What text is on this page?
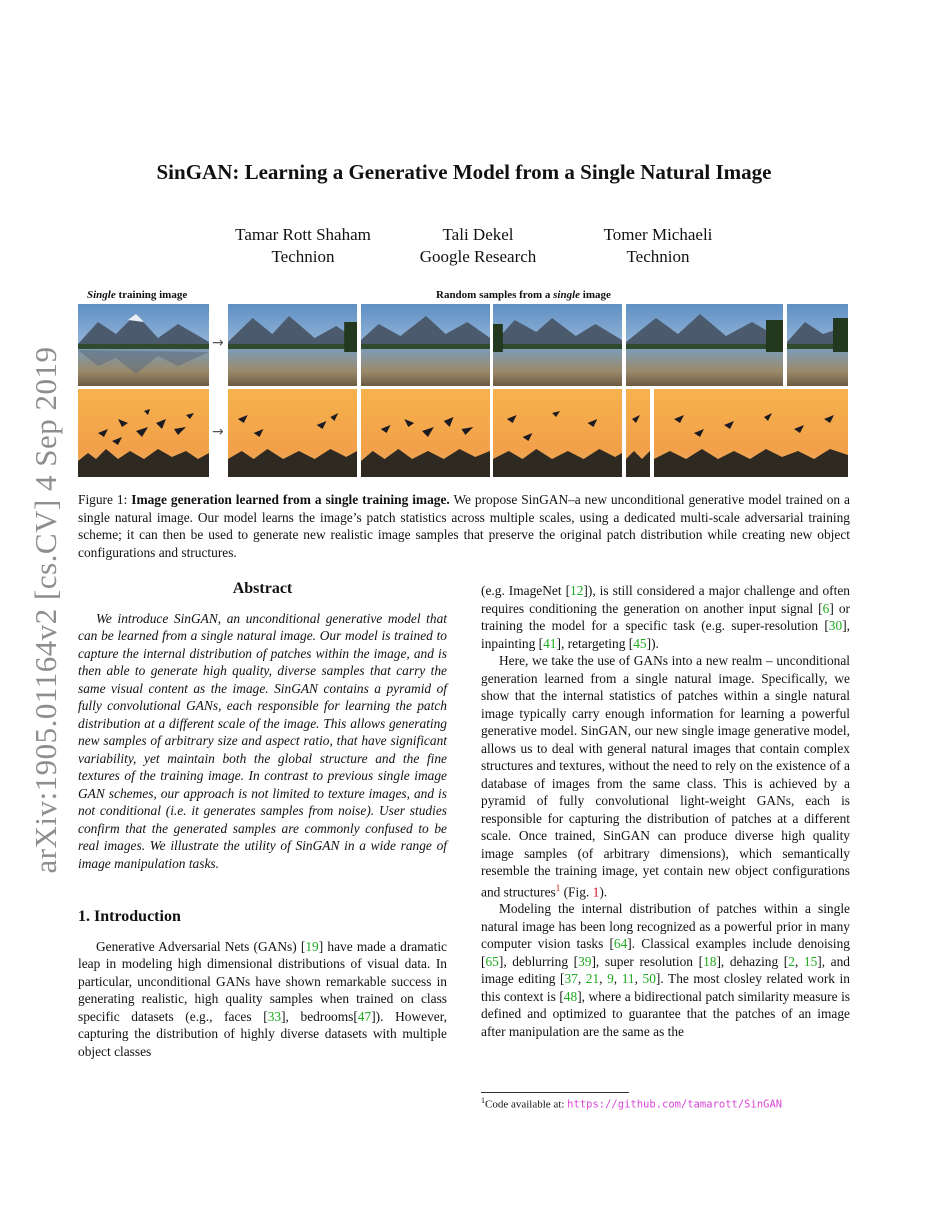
arXiv:1905.01164v2 [cs.CV] 4 Sep 2019
SinGAN: Learning a Generative Model from a Single Natural Image
Tamar Rott Shaham
Technion
Tali Dekel
Google Research
Tomer Michaeli
Technion
Single training image	Random samples from a single image
→
→
Figure 1: Image generation learned from a single training image. We propose SinGAN–a new unconditional generative model trained on a single natural image. Our model learns the image’s patch statistics across multiple scales, using a dedicated multi-scale adversarial training scheme; it can then be used to generate new realistic image samples that preserve the original patch distribution while creating new object configurations and structures.

Abstract

We introduce SinGAN, an unconditional generative model that can be learned from a single natural image. Our model is trained to capture the internal distribution of patches within the image, and is then able to generate high quality, diverse samples that carry the same visual content as the image. SinGAN contains a pyramid of fully convolutional GANs, each responsible for learning the patch distribution at a different scale of the image. This allows generating new samples of arbitrary size and aspect ratio, that have significant variability, yet maintain both the global structure and the fine textures of the training image. In contrast to previous single image GAN schemes, our approach is not limited to texture images, and is not conditional (i.e. it generates samples from noise). User studies confirm that the generated samples are commonly confused to be real images. We illustrate the utility of SinGAN in a wide range of image manipulation tasks.

1. Introduction

Generative Adversarial Nets (GANs) [19] have made a dramatic leap in modeling high dimensional distributions of visual data. In particular, unconditional GANs have shown remarkable success in generating realistic, high quality samples when trained on class specific datasets (e.g., faces [33], bedrooms[47]). However, capturing the distribution of highly diverse datasets with multiple object classes

(e.g. ImageNet [12]), is still considered a major challenge and often requires conditioning the generation on another input signal [6] or training the model for a specific task (e.g. super-resolution [30], inpainting [41], retargeting [45]).

Here, we take the use of GANs into a new realm – unconditional generation learned from a single natural image. Specifically, we show that the internal statistics of patches within a single natural image typically carry enough information for learning a powerful generative model. SinGAN, our new single image generative model, allows us to deal with general natural images that contain complex structures and textures, without the need to rely on the existence of a database of images from the same class. This is achieved by a pyramid of fully convolutional light-weight GANs, each is responsible for capturing the distribution of patches at a different scale. Once trained, SinGAN can produce diverse high quality image samples (of arbitrary dimensions), which semantically resemble the training image, yet contain new object configurations and structures$^1$ (Fig. 1).

Modeling the internal distribution of patches within a single natural image has been long recognized as a powerful prior in many computer vision tasks [64]. Classical examples include denoising [65], deblurring [39], super resolution [18], dehazing [2, 15], and image editing [37, 21, 9, 11, 50]. The most closley related work in this context is [48], where a bidirectional patch similarity measure is defined and optimized to guarantee that the patches of an image after manipulation are the same as the

$^1$Code available at: https://github.com/tamarott/SinGAN
